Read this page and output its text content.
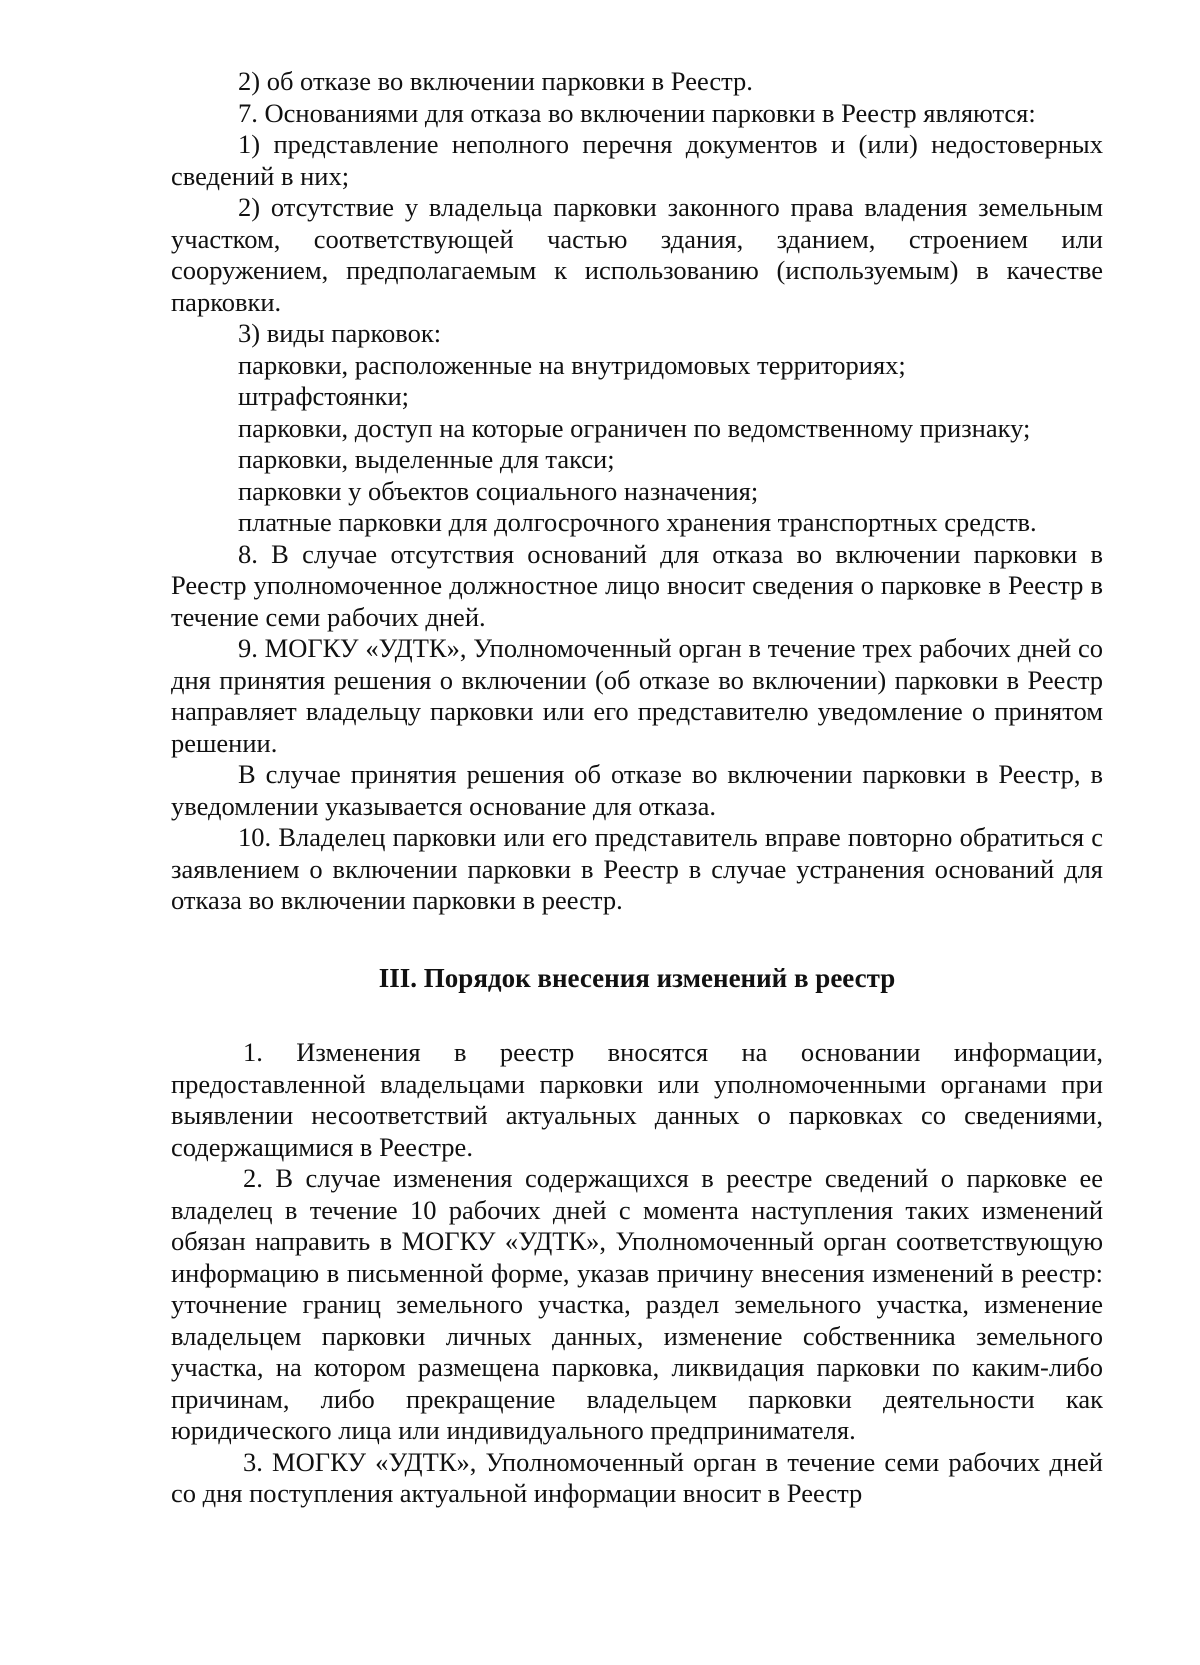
2) об отказе во включении парковки в Реестр.

7. Основаниями для отказа во включении парковки в Реестр являются:

1) представление неполного перечня документов и (или) недостоверных сведений в них;

2) отсутствие у владельца парковки законного права владения земельным участком, соответствующей частью здания, зданием, строением или сооружением, предполагаемым к использованию (используемым) в качестве парковки.

3) виды парковок:

парковки, расположенные на внутридомовых территориях;

штрафстоянки;

парковки, доступ на которые ограничен по ведомственному признаку;

парковки, выделенные для такси;

парковки у объектов социального назначения;

платные парковки для долгосрочного хранения транспортных средств.

8. В случае отсутствия оснований для отказа во включении парковки в Реестр уполномоченное должностное лицо вносит сведения о парковке в Реестр в течение семи рабочих дней.

9. МОГКУ «УДТК», Уполномоченный орган в течение трех рабочих дней со дня принятия решения о включении (об отказе во включении) парковки в Реестр направляет владельцу парковки или его представителю уведомление о принятом решении.

В случае принятия решения об отказе во включении парковки в Реестр, в уведомлении указывается основание для отказа.

10. Владелец парковки или его представитель вправе повторно обратиться с заявлением о включении парковки в Реестр в случае устранения оснований для отказа во включении парковки в реестр.

III. Порядок внесения изменений в реестр

1. Изменения в реестр вносятся на основании информации, предоставленной владельцами парковки или уполномоченными органами при выявлении несоответствий актуальных данных о парковках со сведениями, содержащимися в Реестре.

2. В случае изменения содержащихся в реестре сведений о парковке ее владелец в течение 10 рабочих дней с момента наступления таких изменений обязан направить в МОГКУ «УДТК», Уполномоченный орган соответствующую информацию в письменной форме, указав причину внесения изменений в реестр: уточнение границ земельного участка, раздел земельного участка, изменение владельцем парковки личных данных, изменение собственника земельного участка, на котором размещена парковка, ликвидация парковки по каким-либо причинам, либо прекращение владельцем парковки деятельности как юридического лица или индивидуального предпринимателя.

3. МОГКУ «УДТК», Уполномоченный орган в течение семи рабочих дней со дня поступления актуальной информации вносит в Реестр
